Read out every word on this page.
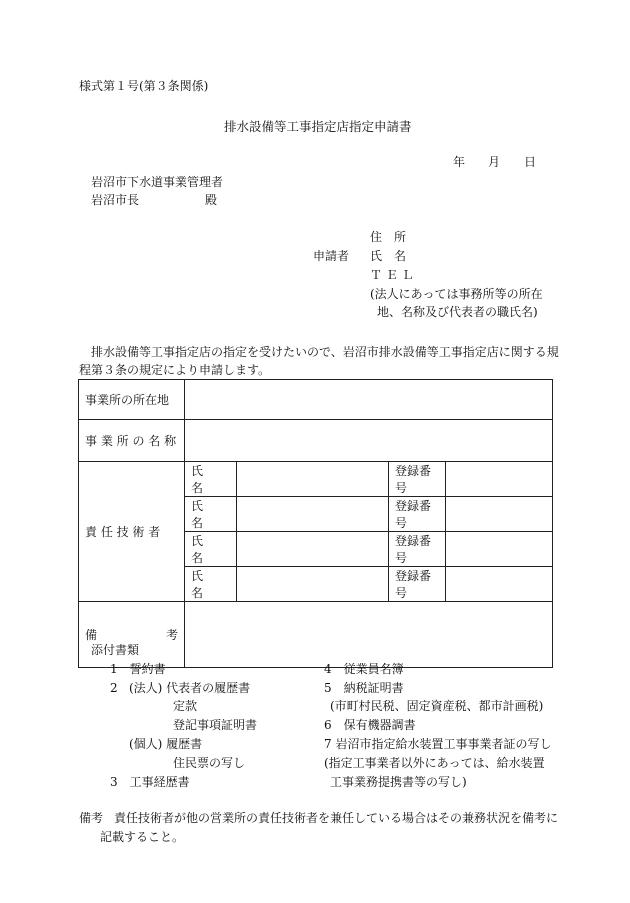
様式第１号(第３条関係)
排水設備等工事指定店指定申請書
年 月 日
岩沼市下水道事業管理者
岩沼市長	殿
住　所
申請者 氏　名
Ｔ Ｅ Ｌ
(法人にあっては事務所等の所在
地、名称及び代表者の職氏名)
排水設備等工事指定店の指定を受けたいので、岩沼市排水設備等工事指定店に関する規
程第３条の規定により申請します。
事業所の所在地				
事 業 所 の 名 称				
責 任 技 術 者	氏　　名		登録番号	
	氏　　名		登録番号	
	氏　　名		登録番号	
	氏　　名		登録番号	
備 考				

添付書類
1　誓約書
2 (法人) 代表者の履歴書
定款
登記事項証明書
(個人) 履歴書
住民票の写し
3　工事経歴書
4　従業員名簿
5　納税証明書
(市町村民税、固定資産税、都市計画税)
6　保有機器調書
7 岩沼市指定給水装置工事事業者証の写し
(指定工事業者以外にあっては、給水装置
工事業務提携書等の写し)
備考 責任技術者が他の営業所の責任技術者を兼任している場合はその兼務状況を備考に
記載すること。
